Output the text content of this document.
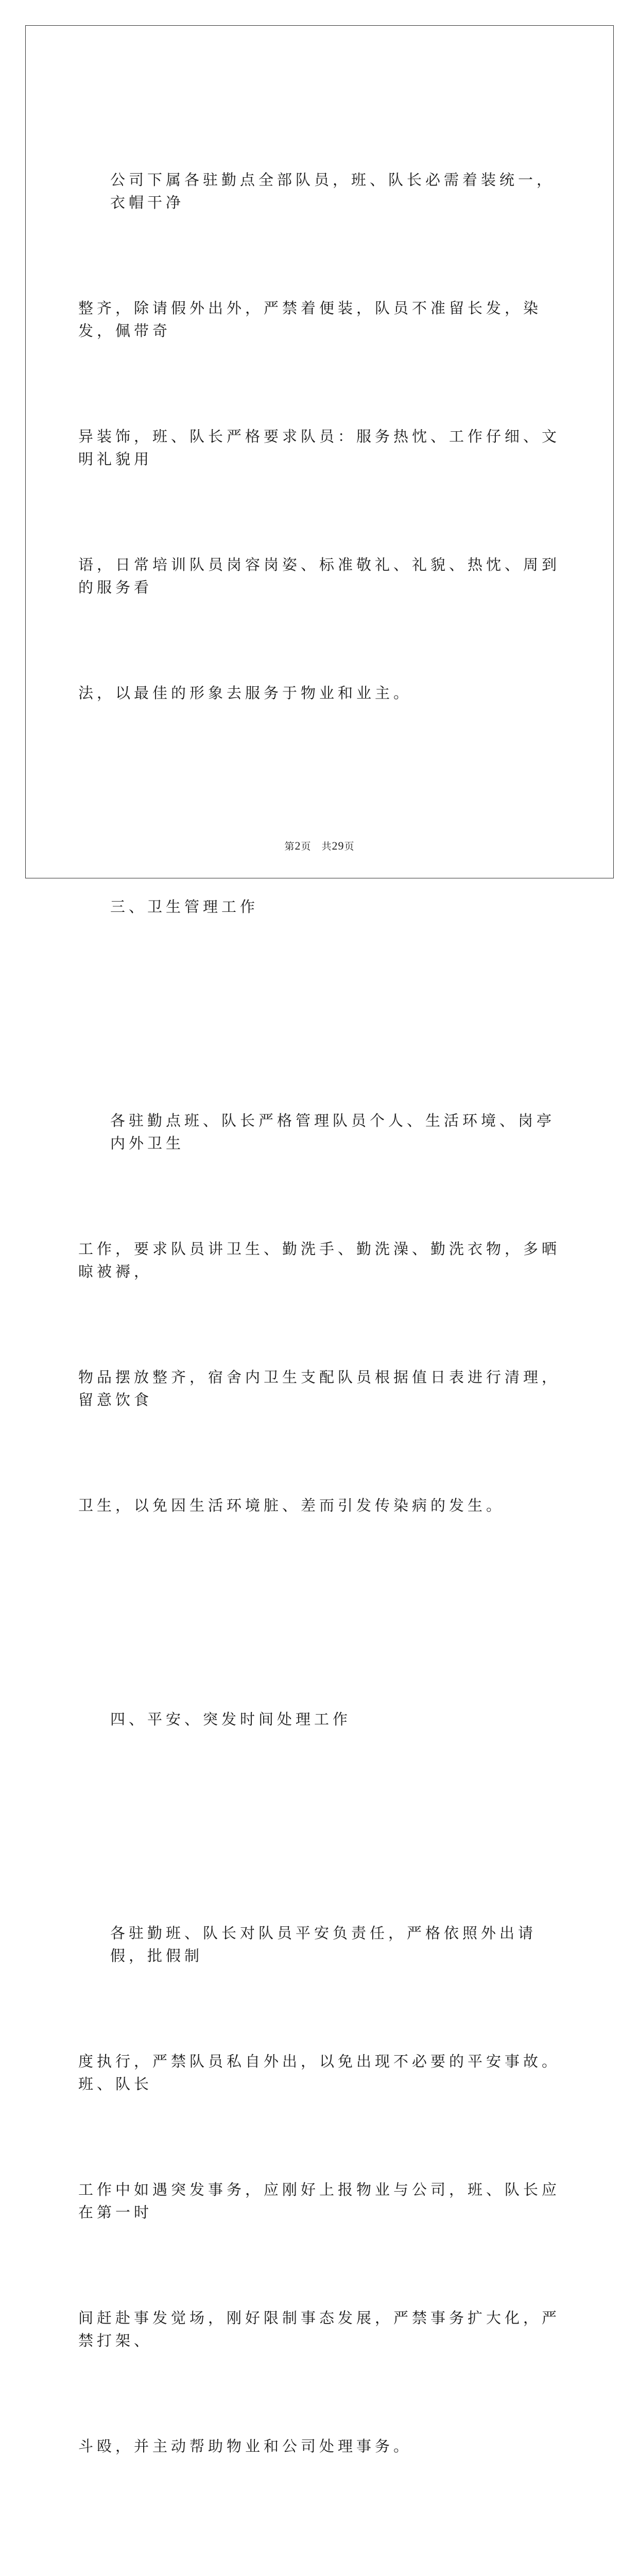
公司下属各驻勤点全部队员，班、队长必需着装统一，衣帽干净

整齐，除请假外出外，严禁着便装，队员不准留长发，染发，佩带奇

异装饰，班、队长严格要求队员：服务热忱、工作仔细、文明礼貌用

语，日常培训队员岗容岗姿、标准敬礼、礼貌、热忱、周到的服务看

法，以最佳的形象去服务于物业和业主。

三、卫生管理工作

各驻勤点班、队长严格管理队员个人、生活环境、岗亭内外卫生

工作，要求队员讲卫生、勤洗手、勤洗澡、勤洗衣物，多晒晾被褥，

物品摆放整齐，宿舍内卫生支配队员根据值日表进行清理，留意饮食

卫生，以免因生活环境脏、差而引发传染病的发生。

四、平安、突发时间处理工作

各驻勤班、队长对队员平安负责任，严格依照外出请假，批假制

度执行，严禁队员私自外出，以免出现不必要的平安事故。班、队长

工作中如遇突发事务，应刚好上报物业与公司，班、队长应在第一时

间赶赴事发觉场，刚好限制事态发展，严禁事务扩大化，严禁打架、

斗殴，并主动帮助物业和公司处理事务。

第2页 共29页
